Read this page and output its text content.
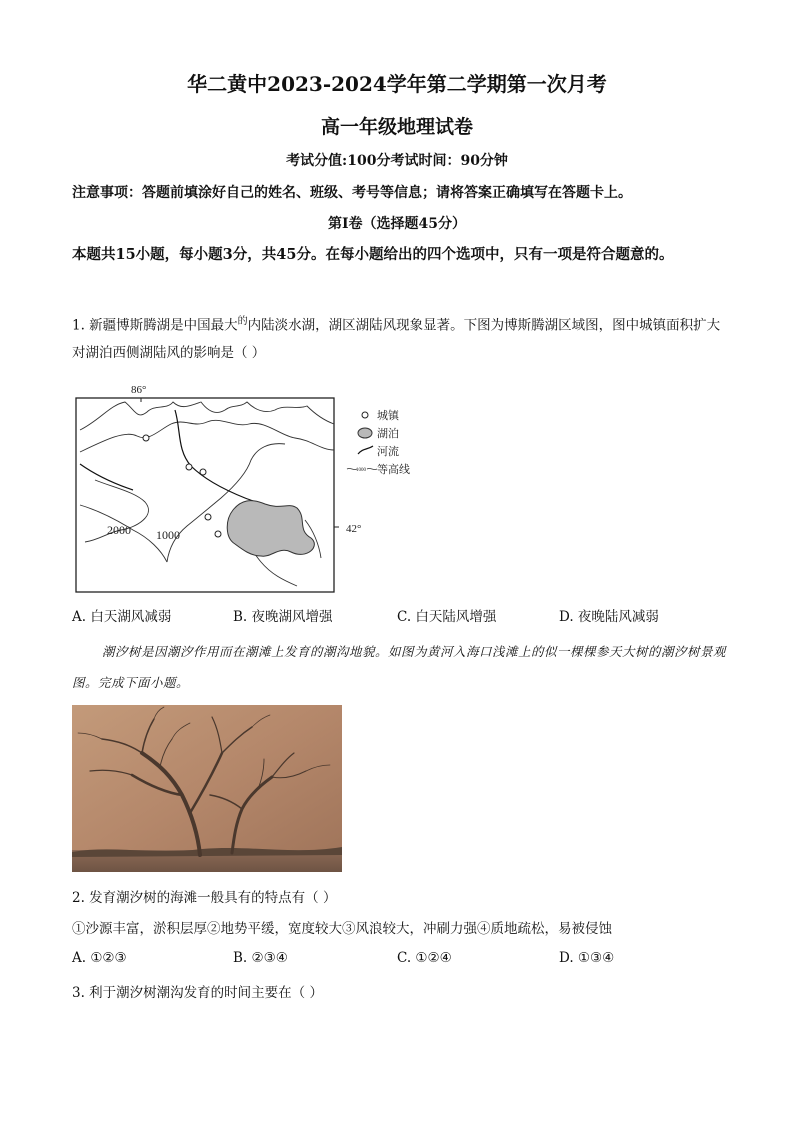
华二黄中2023-2024学年第二学期第一次月考
高一年级地理试卷

考试分值:100分考试时间：90分钟

注意事项：答题前填涂好自己的姓名、班级、考号等信息；请将答案正确填写在答题卡上。

第Ⅰ卷（选择题45分）

本题共15小题，每小题3分，共45分。在每小题给出的四个选项中，只有一项是符合题意的。

1. 新疆博斯腾湖是中国最大$^的$内陆淡水湖，湖区湖陆风现象显著。下图为博斯腾湖区域图，图中城镇面积扩大对湖泊西侧湖陆风的影响是（ ）

86°
42°
2000 1000
城镇
湖泊
河流
1000 等高线
A. 白天湖风减弱	B. 夜晚湖风增强	C. 白天陆风增强	D. 夜晚陆风减弱

潮汐树是因潮汐作用而在潮滩上发育的潮沟地貌。如图为黄河入海口浅滩上的似一棵棵参天大树的潮汐树景观图。完成下面小题。

2. 发育潮汐树的海滩一般具有的特点有（ ）

①沙源丰富，淤积层厚②地势平缓，宽度较大③风浪较大，冲刷力强④质地疏松，易被侵蚀

A. ①②③	B. ②③④	C. ①②④	D. ①③④

3. 利于潮汐树潮沟发育的时间主要在（ ）
